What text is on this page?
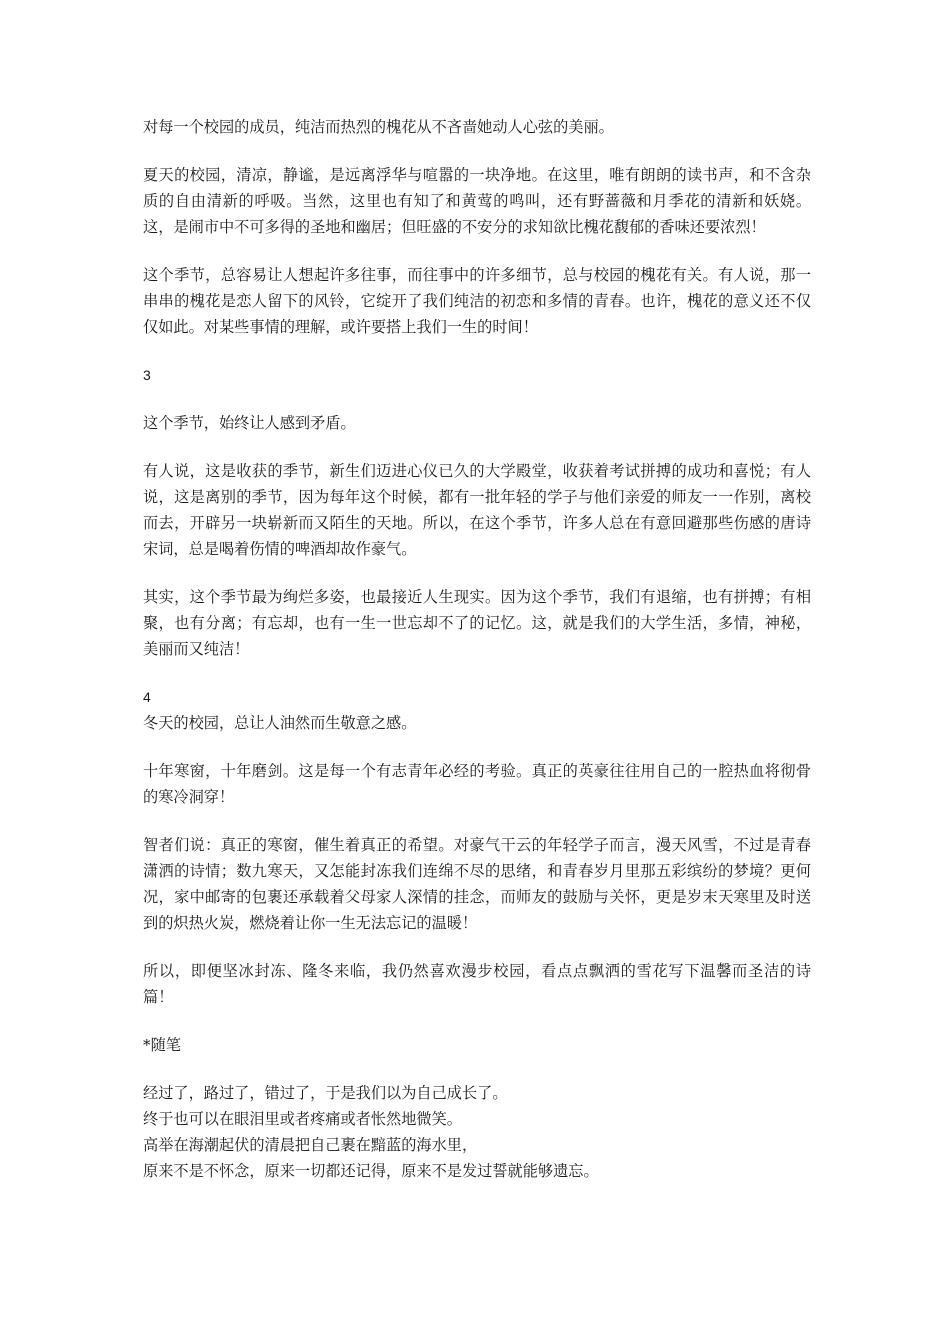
对每一个校园的成员，纯洁而热烈的槐花从不吝啬她动人心弦的美丽。

夏天的校园，清凉，静谧，是远离浮华与喧嚣的一块净地。在这里，唯有朗朗的读书声，和不含杂质的自由清新的呼吸。当然，这里也有知了和黄莺的鸣叫，还有野蔷薇和月季花的清新和妖娆。这，是闹市中不可多得的圣地和幽居；但旺盛的不安分的求知欲比槐花馥郁的香味还要浓烈！

这个季节，总容易让人想起许多往事，而往事中的许多细节，总与校园的槐花有关。有人说，那一串串的槐花是恋人留下的风铃，它绽开了我们纯洁的初恋和多情的青春。也许，槐花的意义还不仅仅如此。对某些事情的理解，或许要搭上我们一生的时间！

3

这个季节，始终让人感到矛盾。

有人说，这是收获的季节，新生们迈进心仪已久的大学殿堂，收获着考试拼搏的成功和喜悦；有人说，这是离别的季节，因为每年这个时候，都有一批年轻的学子与他们亲爱的师友一一作别，离校而去，开辟另一块崭新而又陌生的天地。所以，在这个季节，许多人总在有意回避那些伤感的唐诗宋词，总是喝着伤情的啤酒却故作豪气。

其实，这个季节最为绚烂多姿，也最接近人生现实。因为这个季节，我们有退缩，也有拼搏；有相聚，也有分离；有忘却，也有一生一世忘却不了的记忆。这，就是我们的大学生活，多情，神秘，美丽而又纯洁！

4

冬天的校园，总让人油然而生敬意之感。

十年寒窗，十年磨剑。这是每一个有志青年必经的考验。真正的英豪往往用自己的一腔热血将彻骨的寒冷洞穿！

智者们说：真正的寒窗，催生着真正的希望。对豪气干云的年轻学子而言，漫天风雪，不过是青春潇洒的诗情；数九寒天，又怎能封冻我们连绵不尽的思绪，和青春岁月里那五彩缤纷的梦境？更何况，家中邮寄的包裹还承载着父母家人深情的挂念，而师友的鼓励与关怀，更是岁末天寒里及时送到的炽热火炭，燃烧着让你一生无法忘记的温暖！

所以，即便坚冰封冻、隆冬来临，我仍然喜欢漫步校园，看点点飘洒的雪花写下温馨而圣洁的诗篇！

*随笔
经过了，路过了，错过了，于是我们以为自己成长了。
终于也可以在眼泪里或者疼痛或者怅然地微笑。
高举在海潮起伏的清晨把自己裹在黯蓝的海水里，
原来不是不怀念，原来一切都还记得，原来不是发过誓就能够遗忘。
